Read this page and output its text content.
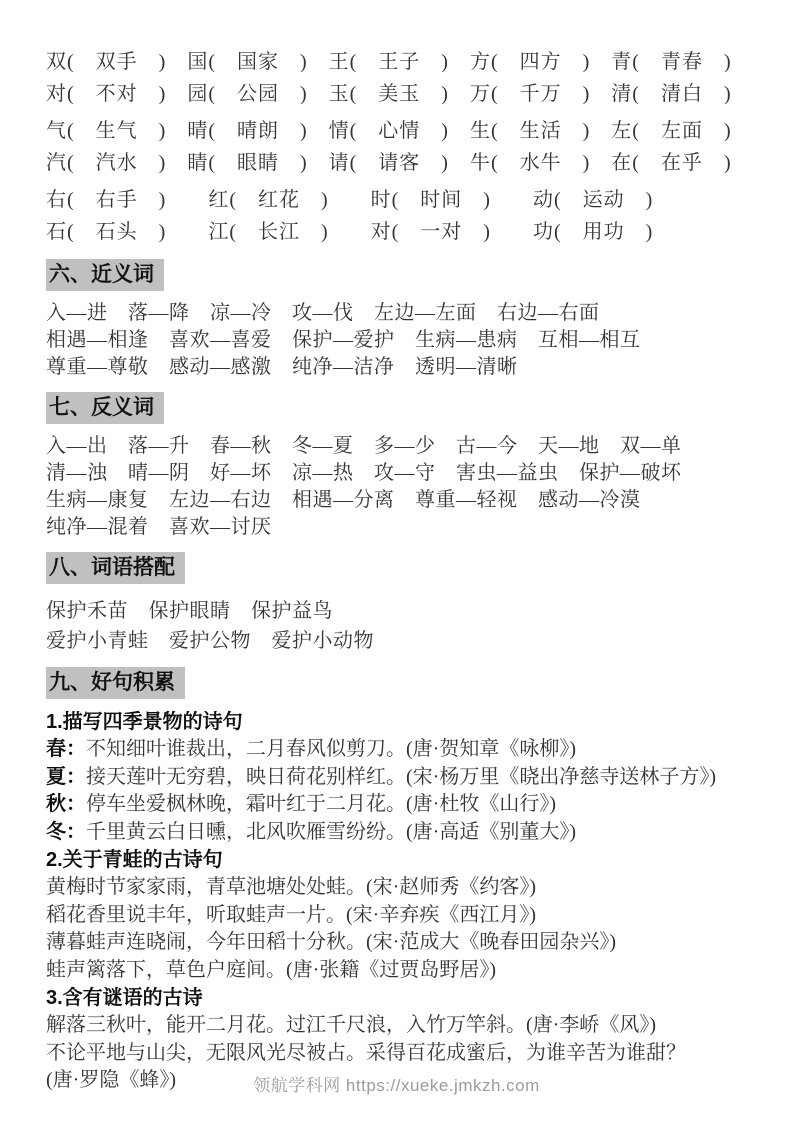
双(　双手　)　国(　国家　)　王(　王子　)　方(　四方　)　青(　青春　)

对(　不对　)　园(　公园　)　玉(　美玉　)　万(　千万　)　清(　清白　)

气(　生气　)　晴(　晴朗　)　情(　心情　)　生(　生活　)　左(　左面　)

汽(　汽水　)　睛(　眼睛　)　请(　请客　)　牛(　水牛　)　在(　在乎　)

右(　右手　)　　红(　红花　)　　时(　时间　)　　动(　运动　)

石(　石头　)　　江(　长江　)　　对(　一对　)　　功(　用功　)

六、近义词

入—进　落—降　凉—冷　攻—伐　左边—左面　右边—右面

相遇—相逢　喜欢—喜爱　保护—爱护　生病—患病　互相—相互

尊重—尊敬　感动—感激　纯净—洁净　透明—清晰

七、反义词

入—出　落—升　春—秋　冬—夏　多—少　古—今　天—地　双—单

清—浊　晴—阴　好—坏　凉—热　攻—守　害虫—益虫　保护—破坏

生病—康复　左边—右边　相遇—分离　尊重—轻视　感动—冷漠

纯净—混着　喜欢—讨厌

八、词语搭配

保护禾苗　保护眼睛　保护益鸟

爱护小青蛙　爱护公物　爱护小动物

九、好句积累
1.描写四季景物的诗句

春：不知细叶谁裁出，二月春风似剪刀。(唐·贺知章《咏柳》)

夏：接天莲叶无穷碧，映日荷花别样红。(宋·杨万里《晓出净慈寺送林子方》)

秋：停车坐爱枫林晚，霜叶红于二月花。(唐·杜牧《山行》)

冬：千里黄云白日曛，北风吹雁雪纷纷。(唐·高适《别董大》)

2.关于青蛙的古诗句

黄梅时节家家雨，青草池塘处处蛙。(宋·赵师秀《约客》)

稻花香里说丰年，听取蛙声一片。(宋·辛弃疾《西江月》)

薄暮蛙声连晓闹，今年田稻十分秋。(宋·范成大《晚春田园杂兴》)

蛙声篱落下，草色户庭间。(唐·张籍《过贾岛野居》)

3.含有谜语的古诗

解落三秋叶，能开二月花。过江千尺浪，入竹万竿斜。(唐·李峤《风》)

不论平地与山尖，无限风光尽被占。采得百花成蜜后，为谁辛苦为谁甜？

(唐·罗隐《蜂》)	领航学科网 https://xueke.jmkzh.com
